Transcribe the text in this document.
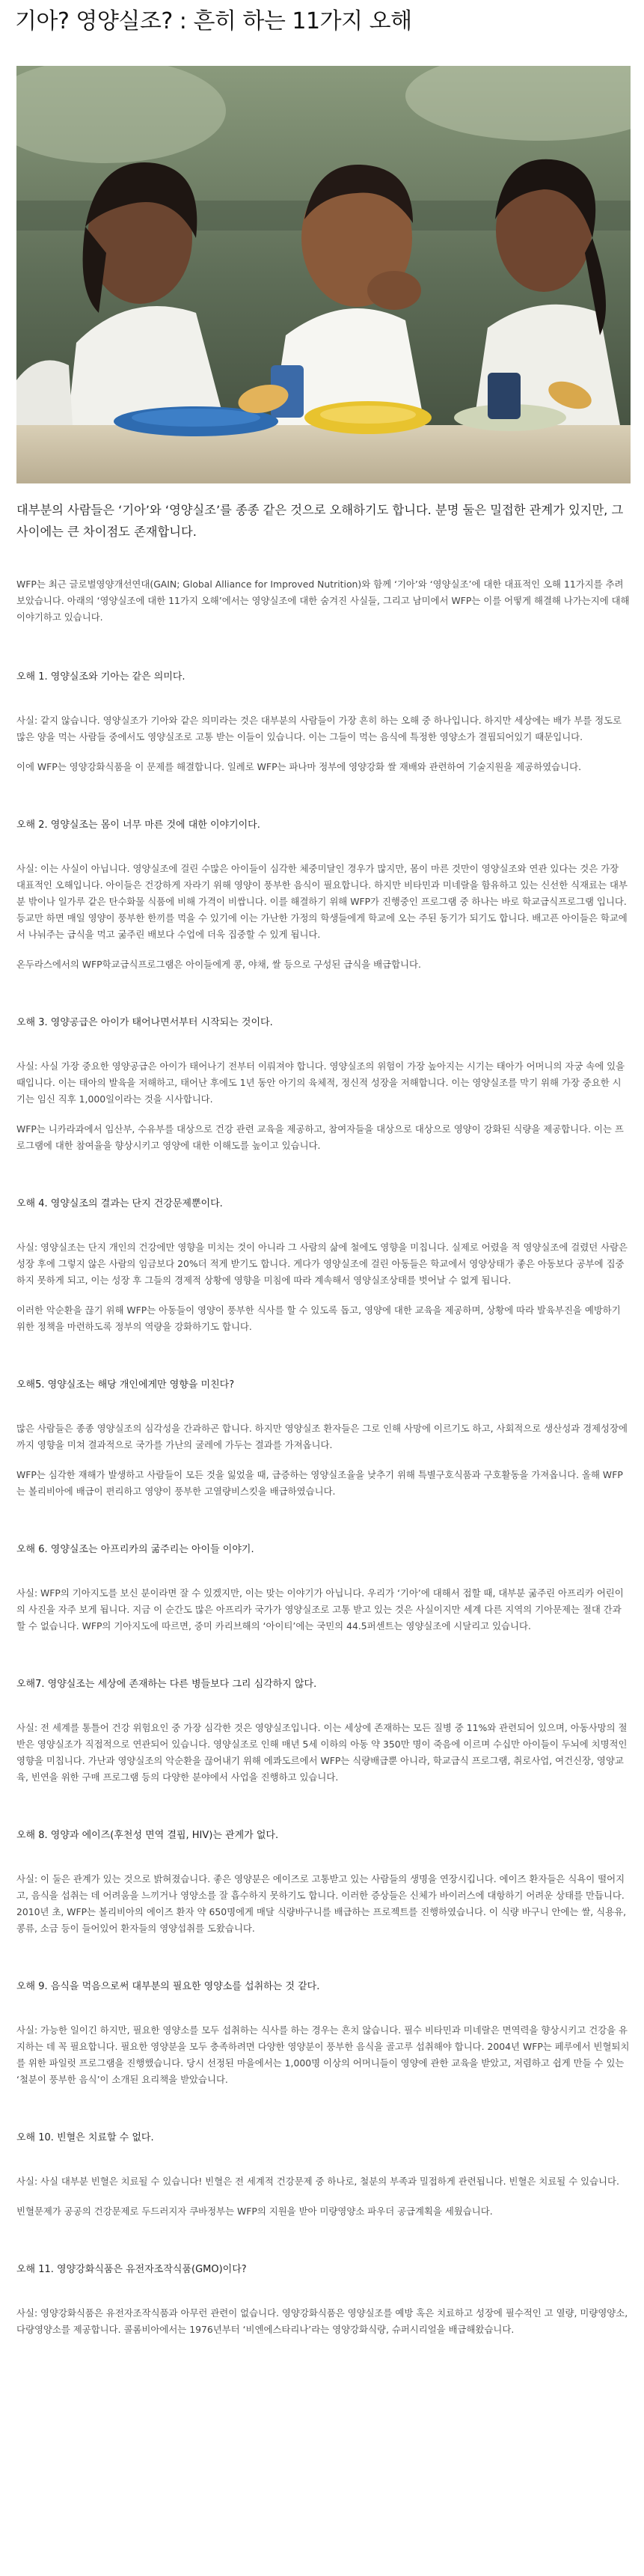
기아? 영양실조? : 흔히 하는 11가지 오해
대부분의 사람들은 ‘기아’와 ‘영양실조’를 종종 같은 것으로 오해하기도 합니다. 분명 둘은 밀접한 관계가 있지만, 그 사이에는 큰 차이점도 존재합니다.

WFP는 최근 글로벌영양개선연대(GAIN; Global Alliance for Improved Nutrition)와 함께 ‘기아’와 ‘영양실조’에 대한 대표적인 오해 11가지를 추려보았습니다. 아래의 ‘영양실조에 대한 11가지 오해’에서는 영양실조에 대한 숨겨진 사실들, 그리고 남미에서 WFP는 이를 어떻게 해결해 나가는지에 대해 이야기하고 있습니다.

오해 1. 영양실조와 기아는 같은 의미다.

사실: 같지 않습니다. 영양실조가 기아와 같은 의미라는 것은 대부분의 사람들이 가장 흔히 하는 오해 중 하나입니다. 하지만 세상에는 배가 부를 정도로 많은 양을 먹는 사람들 중에서도 영양실조로 고통 받는 이들이 있습니다. 이는 그들이 먹는 음식에 특정한 영양소가 결핍되어있기 때문입니다.

이에 WFP는 영양강화식품을 이 문제를 해결합니다. 일례로 WFP는 파나마 정부에 영양강화 쌀 재배와 관련하여 기술지원을 제공하였습니다.

오해 2. 영양실조는 몸이 너무 마른 것에 대한 이야기이다.

사실: 이는 사실이 아닙니다. 영양실조에 걸린 수많은 아이들이 심각한 체중미달인 경우가 많지만, 몸이 마른 것만이 영양실조와 연관 있다는 것은 가장 대표적인 오해입니다. 아이들은 건강하게 자라기 위해 영양이 풍부한 음식이 필요합니다. 하지만 비타민과 미네랄을 함유하고 있는 신선한 식재료는 대부분 밖이나 일가루 같은 탄수화물 식품에 비해 가격이 비쌉니다. 이를 해결하기 위해 WFP가 진행중인 프로그램 중 하나는 바로 학교급식프로그램 입니다. 등교만 하면 매일 영양이 풍부한 한끼를 먹을 수 있기에 이는 가난한 가정의 학생들에게 학교에 오는 주된 동기가 되기도 합니다. 배고픈 아이들은 학교에서 나눠주는 급식을 먹고 굶주린 배보다 수업에 더욱 집중할 수 있게 됩니다.

온두라스에서의 WFP학교급식프로그램은 아이들에게 콩, 야채, 쌀 등으로 구성된 급식을 배급합니다.

오해 3. 영양공급은 아이가 태어나면서부터 시작되는 것이다.

사실: 사실 가장 중요한 영양공급은 아이가 태어나기 전부터 이뤄져야 합니다. 영양실조의 위험이 가장 높아지는 시기는 태아가 어머니의 자궁 속에 있을 때입니다. 이는 태아의 발육을 저해하고, 태어난 후에도 1년 동안 아기의 육체적, 정신적 성장을 저해합니다. 이는 영양실조를 막기 위해 가장 중요한 시기는 임신 직후 1,000일이라는 것을 시사합니다.

WFP는 니카라과에서 임산부, 수유부를 대상으로 건강 관련 교육을 제공하고, 참여자들을 대상으로 대상으로 영양이 강화된 식량을 제공합니다. 이는 프로그램에 대한 참여율을 향상시키고 영양에 대한 이해도를 높이고 있습니다.

오해 4. 영양실조의 결과는 단지 건강문제뿐이다.

사실: 영양실조는 단지 개인의 건강에만 영향을 미치는 것이 아니라 그 사람의 삶에 철에도 영향을 미칩니다. 실제로 어렸을 적 영양실조에 걸렸던 사람은 성장 후에 그렇지 않은 사람의 임금보다 20%더 적게 받기도 합니다. 게다가 영양실조에 걸린 아동들은 학교에서 영양상태가 좋은 아동보다 공부에 집중하지 못하게 되고, 이는 성장 후 그들의 경제적 상황에 영향을 미침에 따라 계속해서 영양실조상태를 벗어날 수 없게 됩니다.

이러한 악순환을 끊기 위해 WFP는 아동들이 영양이 풍부한 식사를 할 수 있도록 돕고, 영양에 대한 교육을 제공하며, 상황에 따라 발육부진을 예방하기 위한 정책을 마련하도록 정부의 역량을 강화하기도 합니다.

오해5. 영양실조는 해당 개인에게만 영향을 미친다?

많은 사람들은 종종 영양실조의 심각성을 간과하곤 합니다. 하지만 영양실조 환자들은 그로 인해 사망에 이르기도 하고, 사회적으로 생산성과 경제성장에까지 영향을 미쳐 결과적으로 국가를 가난의 굴레에 가두는 결과를 가져옵니다.

WFP는 심각한 재해가 발생하고 사람들이 모든 것을 잃었을 때, 급증하는 영양실조율을 낮추기 위해 특별구호식품과 구호활동을 가져옵니다. 올해 WFP는 볼리비아에 배급이 편리하고 영양이 풍부한 고열량비스킷을 배급하였습니다.

오해 6. 영양실조는 아프리카의 굶주리는 아이들 이야기.

사실: WFP의 기아지도를 보신 분이라면 잘 수 있겠지만, 이는 맞는 이야기가 아닙니다. 우리가 ‘기아’에 대해서 접할 때, 대부분 굶주린 아프리카 어린이의 사진을 자주 보게 됩니다. 지금 이 순간도 많은 아프리카 국가가 영양실조로 고통 받고 있는 것은 사실이지만 세계 다른 지역의 기아문제는 절대 간과할 수 없습니다. WFP의 기아지도에 따르면, 중미 카리브해의 ‘아이티’에는 국민의 44.5퍼센트는 영양실조에 시달리고 있습니다.

오해7. 영양실조는 세상에 존재하는 다른 병들보다 그리 심각하지 않다.

사실: 전 세계를 통틀어 건강 위험요인 중 가장 심각한 것은 영양실조입니다. 이는 세상에 존재하는 모든 질병 중 11%와 관련되어 있으며, 아동사망의 절반은 영양실조가 직접적으로 연관되어 있습니다. 영양실조로 인해 매년 5세 이하의 아동 약 350만 명이 죽음에 이르며 수십만 아이들이 두뇌에 치명적인 영향을 미칩니다. 가난과 영양실조의 악순환을 끊어내기 위해 에콰도르에서 WFP는 식량배급뿐 아니라, 학교급식 프로그램, 취로사업, 여건신장, 영양교육, 빈연을 위한 구매 프로그램 등의 다양한 분야에서 사업을 진행하고 있습니다.

오해 8. 영양과 에이즈(후천성 면역 결핍, HIV)는 관계가 없다.

사실: 이 둘은 관계가 있는 것으로 밝혀졌습니다. 좋은 영양분은 에이즈로 고통받고 있는 사람들의 생명을 연장시킵니다. 에이즈 환자들은 식욕이 떨어지고, 음식을 섭취는 데 어려움을 느끼거나 영양소를 잘 흡수하지 못하기도 합니다. 이러한 증상들은 신체가 바이러스에 대항하기 어려운 상태를 만듭니다. 2010년 초, WFP는 볼리비아의 에이즈 환자 약 650명에게 매달 식량바구니를 배급하는 프로젝트를 진행하였습니다. 이 식량 바구니 안에는 쌀, 식용유, 콩류, 소금 등이 들어있어 환자들의 영양섭취를 도왔습니다.

오해 9. 음식을 먹음으로써 대부분의 필요한 영양소를 섭취하는 것 같다.

사실: 가능한 일이긴 하지만, 필요한 영양소를 모두 섭취하는 식사를 하는 경우는 흔치 않습니다. 필수 비타민과 미네랄은 면역력을 향상시키고 건강을 유지하는 데 꼭 필요합니다. 필요한 영양분을 모두 충족하려면 다양한 영양분이 풍부한 음식을 골고루 섭취해야 합니다. 2004년 WFP는 페루에서 빈혈퇴치를 위한 파일럿 프로그램을 진행했습니다. 당시 선정된 마을에서는 1,000명 이상의 어머니들이 영양에 관한 교육을 받았고, 저렴하고 쉽게 만들 수 있는 ‘철분이 풍부한 음식’이 소개된 요리책을 받았습니다.

오해 10. 빈혈은 치료할 수 없다.

사실: 사실 대부분 빈혈은 치료될 수 있습니다! 빈혈은 전 세계적 건강문제 중 하나로, 철분의 부족과 밀접하게 관련됩니다. 빈혈은 치료될 수 있습니다.

빈혈문제가 공공의 건강문제로 두드러지자 쿠바정부는 WFP의 지원을 받아 미량영양소 파우더 공급계획을 세웠습니다.

오해 11. 영양강화식품은 유전자조작식품(GMO)이다?

사실: 영양강화식품은 유전자조작식품과 아무런 관련이 없습니다. 영양강화식품은 영양실조를 예방 혹은 치료하고 성장에 필수적인 고 열량, 미량영양소, 다량영양소를 제공합니다. 콜롬비아에서는 1976년부터 ‘비엔에스타리나’라는 영양강화식량, 슈퍼시리얼을 배급해왔습니다.
